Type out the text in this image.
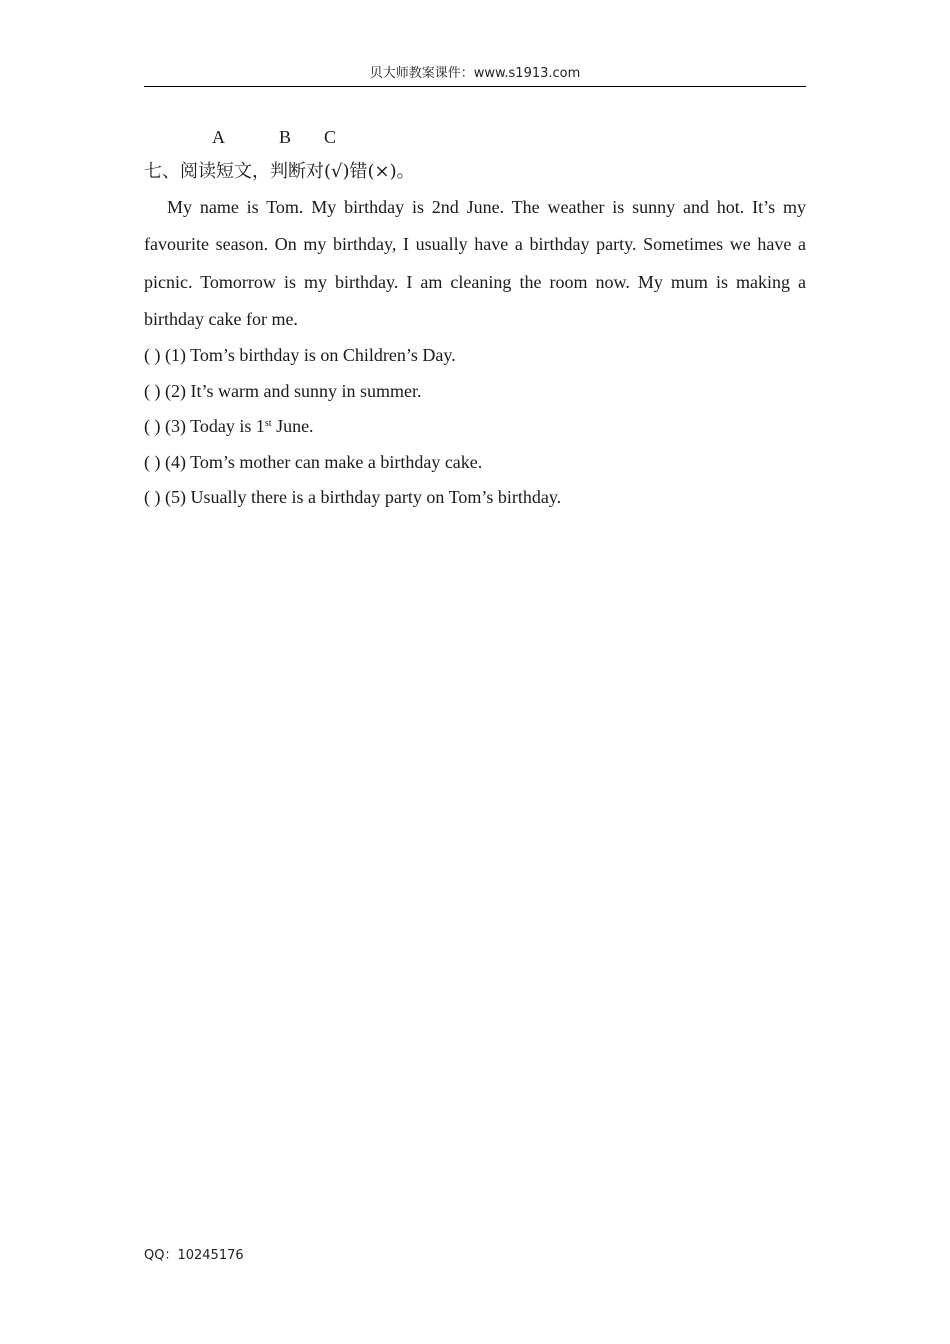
贝大师教案课件：www.s1913.com
A	B C
七、阅读短文，判断对(√)错(×)。

My name is Tom. My birthday is 2nd June. The weather is sunny and hot. It’s my favourite season. On my birthday, I usually have a birthday party. Sometimes we have a picnic. Tomorrow is my birthday. I am cleaning the room now. My mum is making a birthday cake for me.

( ) (1) Tom’s birthday is on Children’s Day.
( ) (2) It’s warm and sunny in summer.
( ) (3) Today is 1st June.
( ) (4) Tom’s mother can make a birthday cake.
( ) (5) Usually there is a birthday party on Tom’s birthday.
QQ：10245176
